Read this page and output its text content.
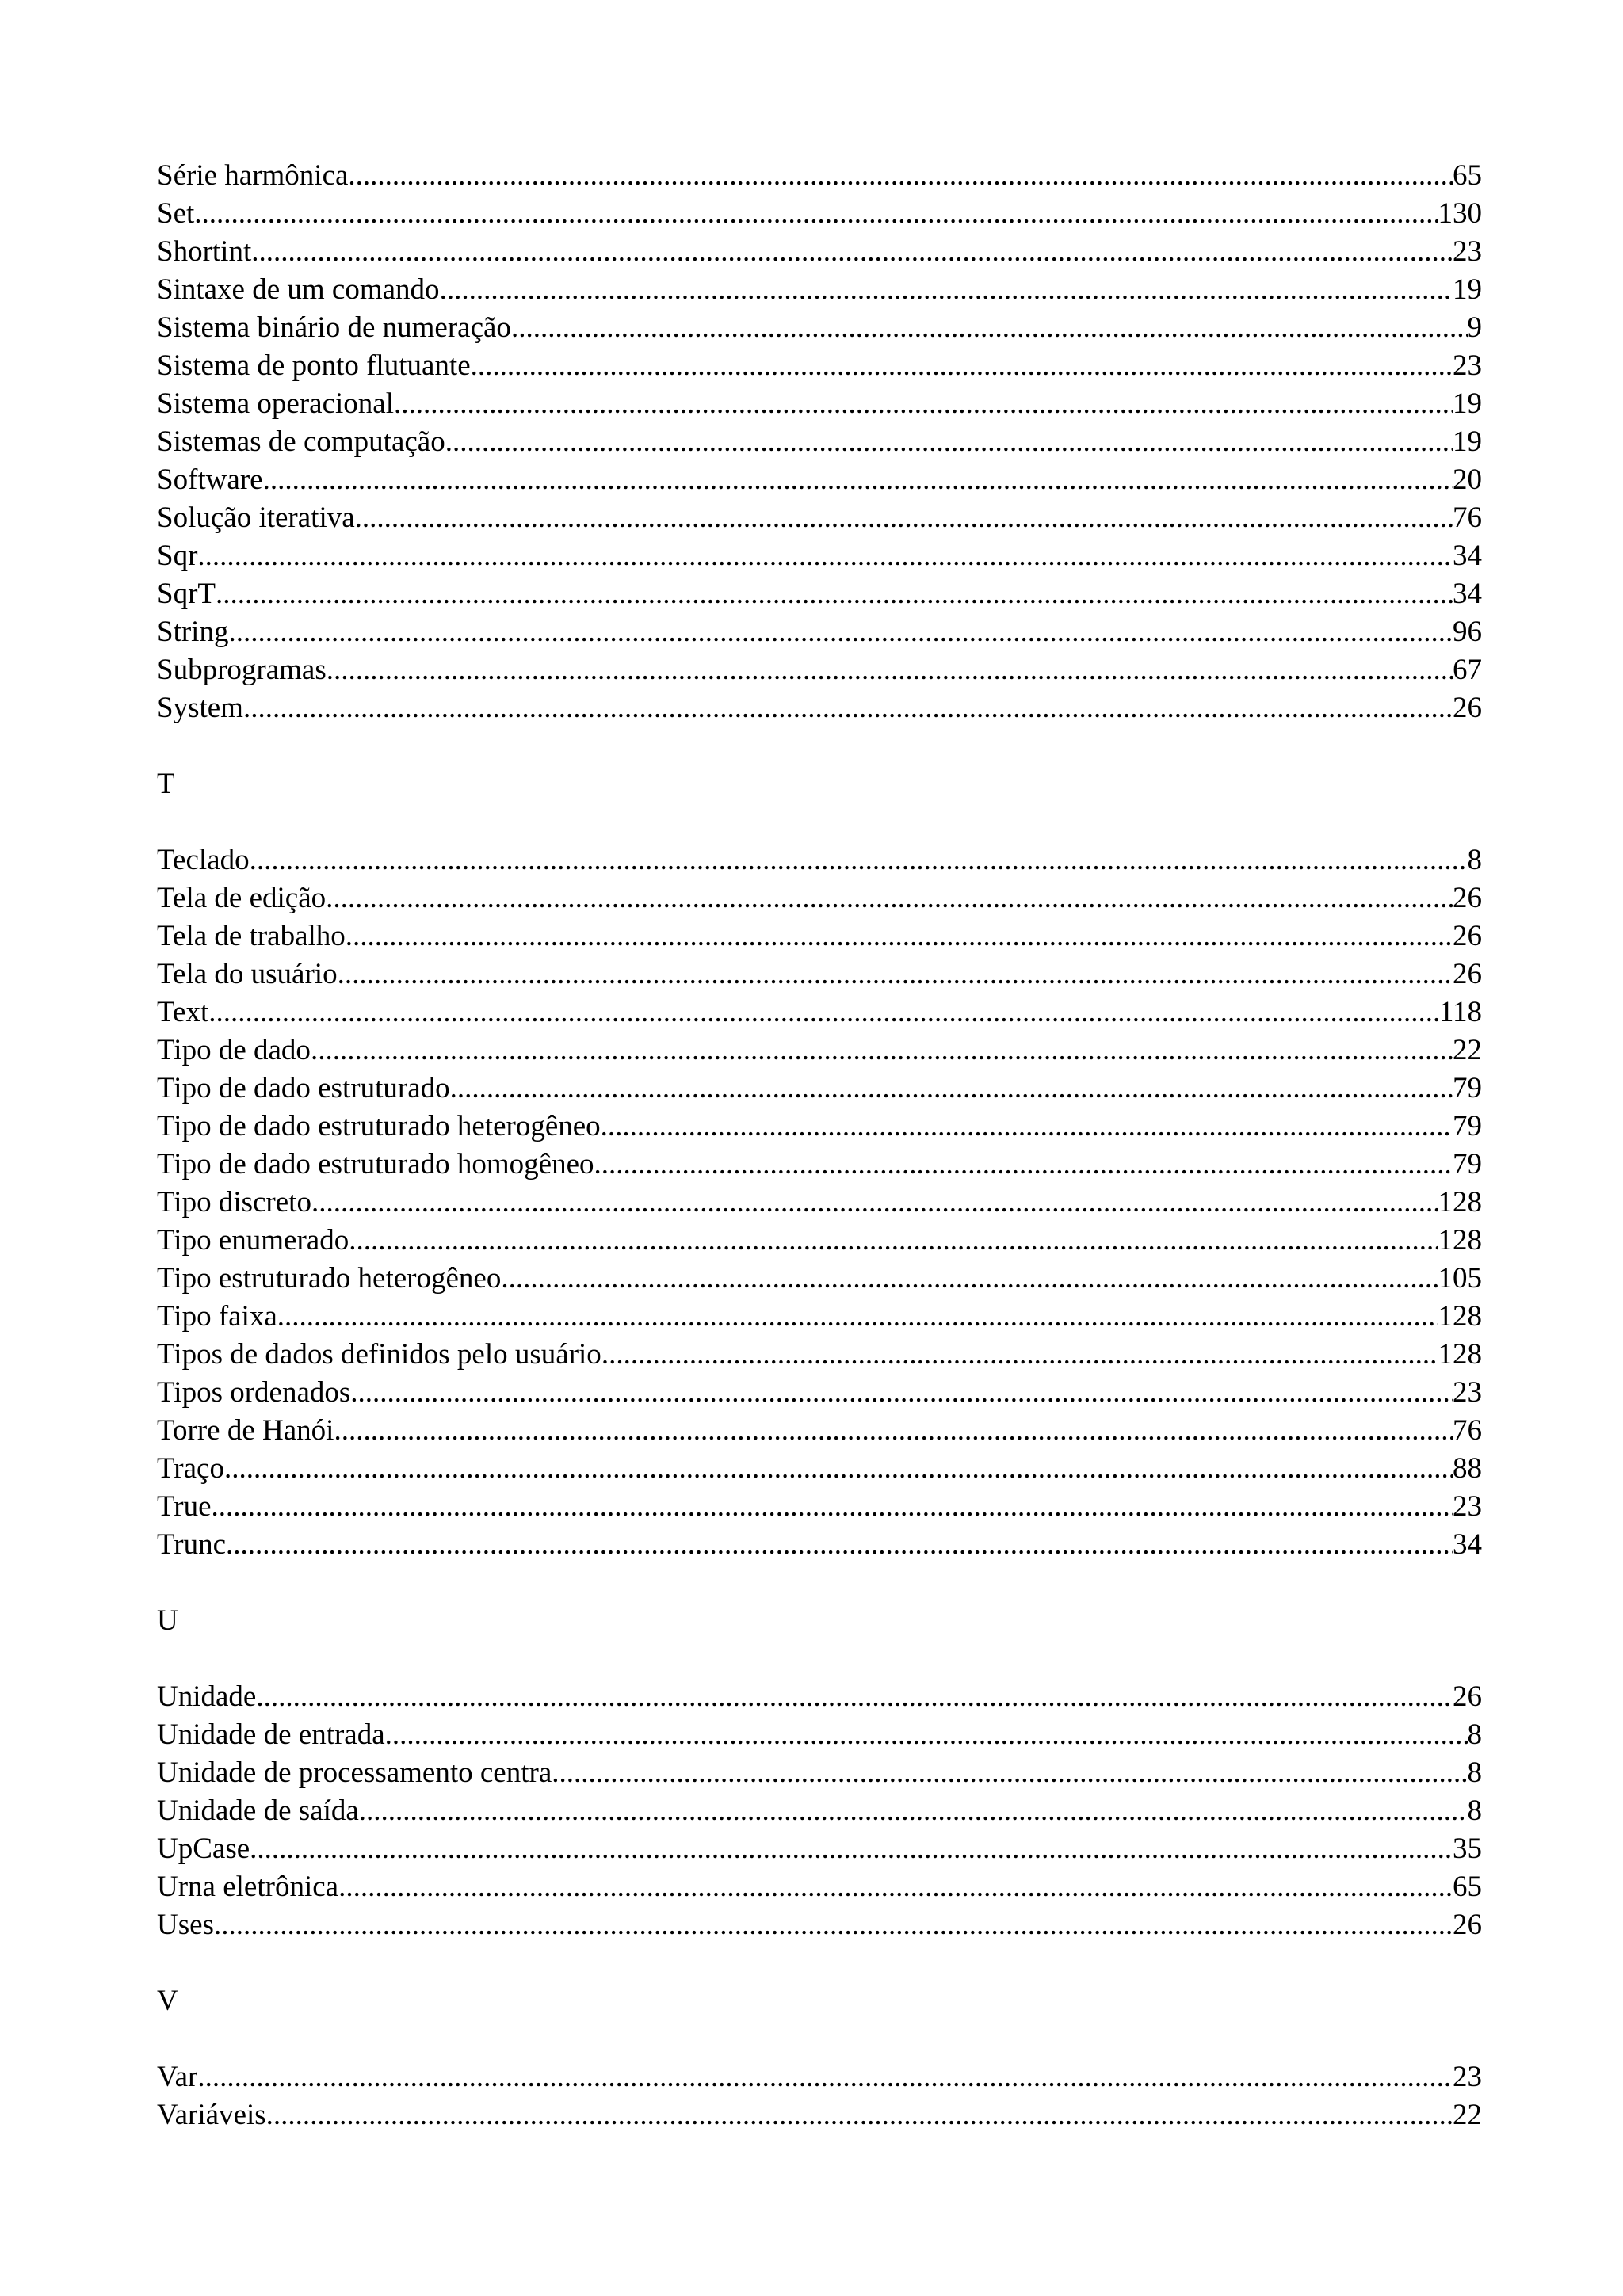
Série harmônica .....	65
Set .....	130
Shortint .....	23
Sintaxe de um comando .....	19
Sistema binário de numeração .....	9
Sistema de ponto flutuante .....	23
Sistema operacional .....	19
Sistemas de computação .....	19
Software .....	20
Solução iterativa .....	76
Sqr .....	34
SqrT .....	34
String .....	96
Subprogramas .....	67
System .....	26
T
Teclado .....	8
Tela de edição .....	26
Tela de trabalho .....	26
Tela do usuário .....	26
Text .....	118
Tipo de dado .....	22
Tipo de dado estruturado .....	79
Tipo de dado estruturado heterogêneo .....	79
Tipo de dado estruturado homogêneo .....	79
Tipo discreto .....	128
Tipo enumerado .....	128
Tipo estruturado heterogêneo .....	105
Tipo faixa .....	128
Tipos de dados definidos pelo usuário .....	128
Tipos ordenados .....	23
Torre de Hanói .....	76
Traço .....	88
True .....	23
Trunc .....	34
U
Unidade .....	26
Unidade de entrada .....	8
Unidade de processamento centra .....	8
Unidade de saída .....	8
UpCase .....	35
Urna eletrônica .....	65
Uses .....	26
V
Var .....	23
Variáveis .....	22
